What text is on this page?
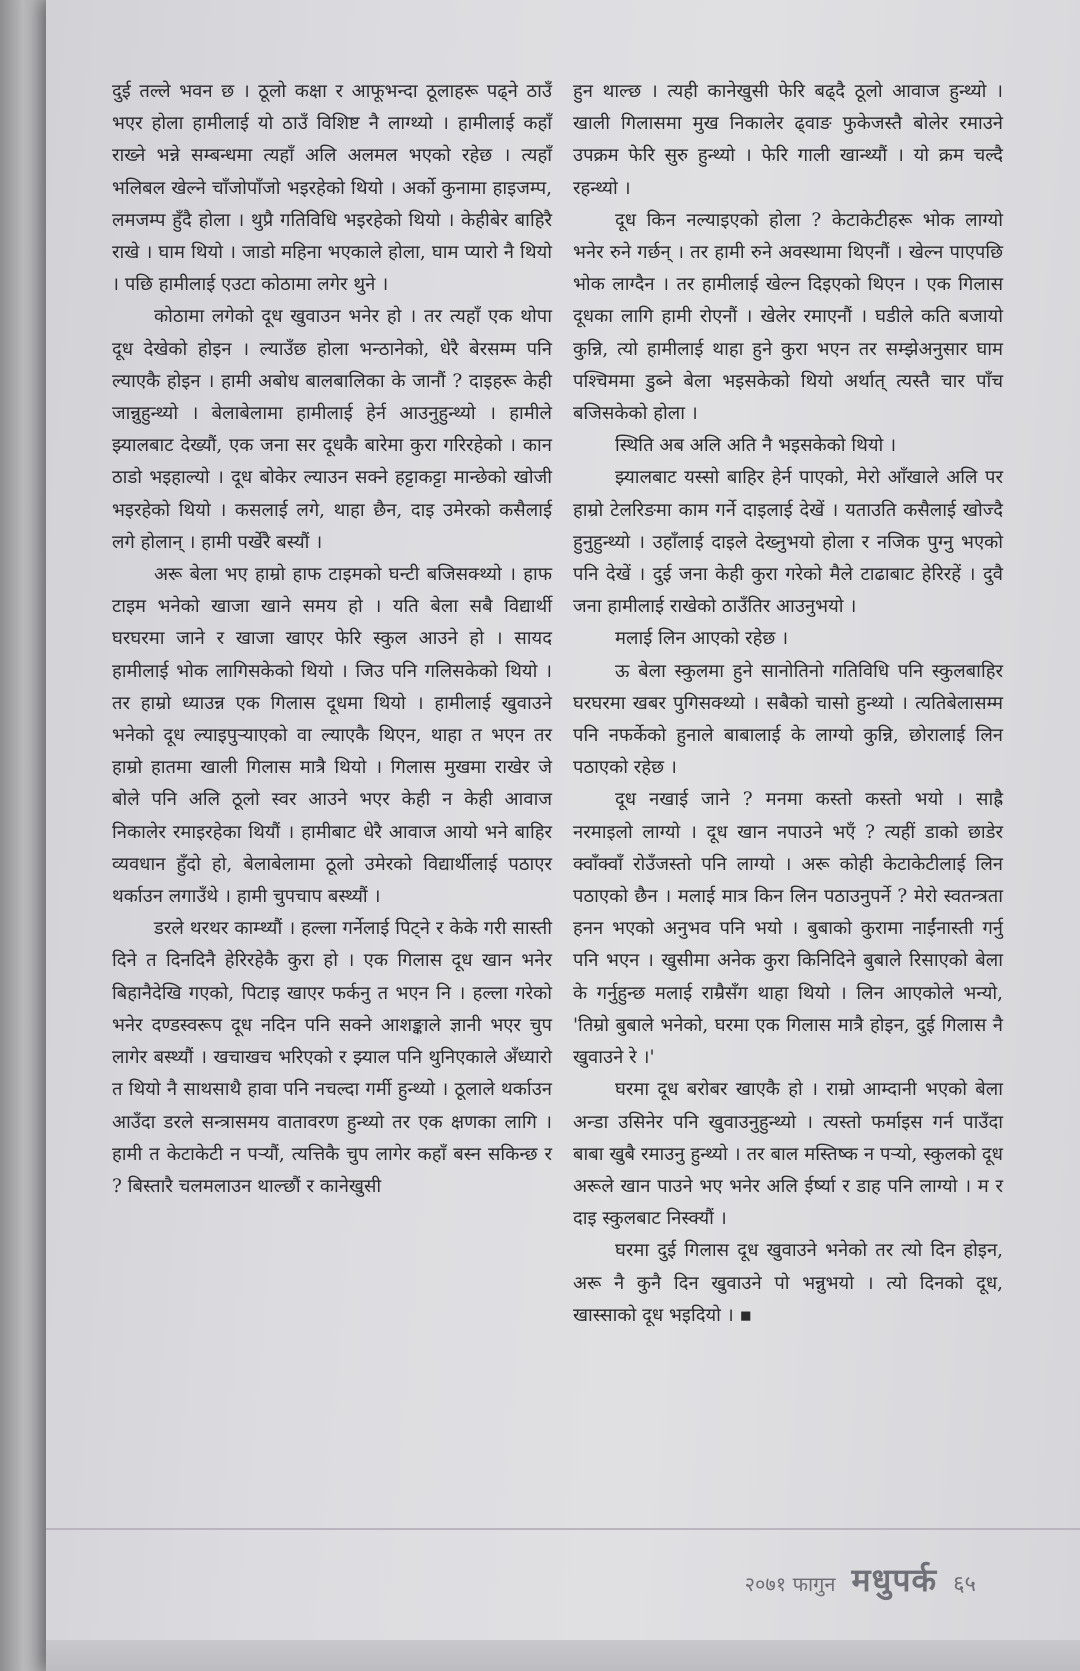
दुई तल्ले भवन छ । ठूलो कक्षा र आफूभन्दा ठूलाहरू पढ्ने ठाउँ भएर होला हामीलाई यो ठाउँ विशिष्ट नै लाग्थ्यो । हामीलाई कहाँ राख्ने भन्ने सम्बन्धमा त्यहाँ अलि अलमल भएको रहेछ । त्यहाँ भलिबल खेल्ने चाँजोपाँजो भइरहेको थियो । अर्को कुनामा हाइजम्प, लमजम्प हुँदै होला । थुप्रै गतिविधि भइरहेको थियो । केहीबेर बाहिरै राखे । घाम थियो । जाडो महिना भएकाले होला, घाम प्यारो नै थियो । पछि हामीलाई एउटा कोठामा लगेर थुने ।

कोठामा लगेको दूध खुवाउन भनेर हो । तर त्यहाँ एक थोपा दूध देखेको होइन । ल्याउँछ होला भन्ठानेको, धेरै बेरसम्म पनि ल्याएकै होइन । हामी अबोध बालबालिका के जानौं ? दाइहरू केही जान्नुहुन्थ्यो । बेलाबेलामा हामीलाई हेर्न आउनुहुन्थ्यो । हामीले झ्यालबाट देख्यौं, एक जना सर दूधकै बारेमा कुरा गरिरहेको । कान ठाडो भइहाल्यो । दूध बोकेर ल्याउन सक्ने हट्टाकट्टा मान्छेको खोजी भइरहेको थियो । कसलाई लगे, थाहा छैन, दाइ उमेरको कसैलाई लगे होलान् । हामी पर्खेरै बस्यौं ।

अरू बेला भए हाम्रो हाफ टाइमको घन्टी बजिसक्थ्यो । हाफ टाइम भनेको खाजा खाने समय हो । यति बेला सबै विद्यार्थी घरघरमा जाने र खाजा खाएर फेरि स्कुल आउने हो । सायद हामीलाई भोक लागिसकेको थियो । जिउ पनि गलिसकेको थियो । तर हाम्रो ध्याउन्न एक गिलास दूधमा थियो । हामीलाई खुवाउने भनेको दूध ल्याइपुऱ्याएको वा ल्याएकै थिएन, थाहा त भएन तर हाम्रो हातमा खाली गिलास मात्रै थियो । गिलास मुखमा राखेर जे बोले पनि अलि ठूलो स्वर आउने भएर केही न केही आवाज निकालेर रमाइरहेका थियौं । हामीबाट धेरै आवाज आयो भने बाहिर व्यवधान हुँदो हो, बेलाबेलामा ठूलो उमेरको विद्यार्थीलाई पठाएर थर्काउन लगाउँथे । हामी चुपचाप बस्थ्यौं ।

डरले थरथर काम्थ्यौं । हल्ला गर्नेलाई पिट्ने र केके गरी सास्ती दिने त दिनदिनै हेरिरहेकै कुरा हो । एक गिलास दूध खान भनेर बिहानैदेखि गएको, पिटाइ खाएर फर्कनु त भएन नि । हल्ला गरेको भनेर दण्डस्वरूप दूध नदिन पनि सक्ने आशङ्काले ज्ञानी भएर चुप लागेर बस्थ्यौं । खचाखच भरिएको र झ्याल पनि थुनिएकाले अँध्यारो त थियो नै साथसाथै हावा पनि नचल्दा गर्मी हुन्थ्यो । ठूलाले थर्काउन आउँदा डरले सन्त्रासमय वातावरण हुन्थ्यो तर एक क्षणका लागि । हामी त केटाकेटी न पऱ्यौं, त्यत्तिकै चुप लागेर कहाँ बस्न सकिन्छ र ? बिस्तारै चलमलाउन थाल्छौं र कानेखुसी

हुन थाल्छ । त्यही कानेखुसी फेरि बढ्दै ठूलो आवाज हुन्थ्यो । खाली गिलासमा मुख निकालेर ढ्वाङ फुकेजस्तै बोलेर रमाउने उपक्रम फेरि सुरु हुन्थ्यो । फेरि गाली खान्थ्यौं । यो क्रम चल्दै रहन्थ्यो ।

दूध किन नल्याइएको होला ? केटाकेटीहरू भोक लाग्यो भनेर रुने गर्छन् । तर हामी रुने अवस्थामा थिएनौं । खेल्न पाएपछि भोक लाग्दैन । तर हामीलाई खेल्न दिइएको थिएन । एक गिलास दूधका लागि हामी रोएनौं । खेलेर रमाएनौं । घडीले कति बजायो कुन्नि, त्यो हामीलाई थाहा हुने कुरा भएन तर सम्झेअनुसार घाम पश्चिममा डुब्ने बेला भइसकेको थियो अर्थात् त्यस्तै चार पाँच बजिसकेको होला ।

स्थिति अब अलि अति नै भइसकेको थियो ।

झ्यालबाट यस्सो बाहिर हेर्न पाएको, मेरो आँखाले अलि पर हाम्रो टेलरिङमा काम गर्ने दाइलाई देखें । यताउति कसैलाई खोज्दै हुनुहुन्थ्यो । उहाँलाई दाइले देख्नुभयो होला र नजिक पुग्नु भएको पनि देखें । दुई जना केही कुरा गरेको मैले टाढाबाट हेरिरहें । दुवै जना हामीलाई राखेको ठाउँतिर आउनुभयो ।

मलाई लिन आएको रहेछ ।

ऊ बेला स्कुलमा हुने सानोतिनो गतिविधि पनि स्कुलबाहिर घरघरमा खबर पुगिसक्थ्यो । सबैको चासो हुन्थ्यो । त्यतिबेलासम्म पनि नफर्केको हुनाले बाबालाई के लाग्यो कुन्नि, छोरालाई लिन पठाएको रहेछ ।

दूध नखाई जाने ? मनमा कस्तो कस्तो भयो । साह्रै नरमाइलो लाग्यो । दूध खान नपाउने भएँ ? त्यहीं डाको छाडेर क्वाँक्वाँ रोउँजस्तो पनि लाग्यो । अरू कोही केटाकेटीलाई लिन पठाएको छैन । मलाई मात्र किन लिन पठाउनुपर्ने ? मेरो स्वतन्त्रता हनन भएको अनुभव पनि भयो । बुबाको कुरामा नाईंनास्ती गर्नु पनि भएन । खुसीमा अनेक कुरा किनिदिने बुबाले रिसाएको बेला के गर्नुहुन्छ मलाई राम्रैसँग थाहा थियो । लिन आएकोले भन्यो, 'तिम्रो बुबाले भनेको, घरमा एक गिलास मात्रै होइन, दुई गिलास नै खुवाउने रे ।'

घरमा दूध बरोबर खाएकै हो । राम्रो आम्दानी भएको बेला अन्डा उसिनेर पनि खुवाउनुहुन्थ्यो । त्यस्तो फर्माइस गर्न पाउँदा बाबा खुबै रमाउनु हुन्थ्यो । तर बाल मस्तिष्क न पऱ्यो, स्कुलको दूध अरूले खान पाउने भए भनेर अलि ईर्ष्या र डाह पनि लाग्यो । म र दाइ स्कुलबाट निस्क्यौं ।

घरमा दुई गिलास दूध खुवाउने भनेको तर त्यो दिन होइन, अरू नै कुनै दिन खुवाउने पो भन्नुभयो । त्यो दिनको दूध, खास्साको दूध भइदियो । ▪

२०७१ फागुन मधुपर्क ६५
